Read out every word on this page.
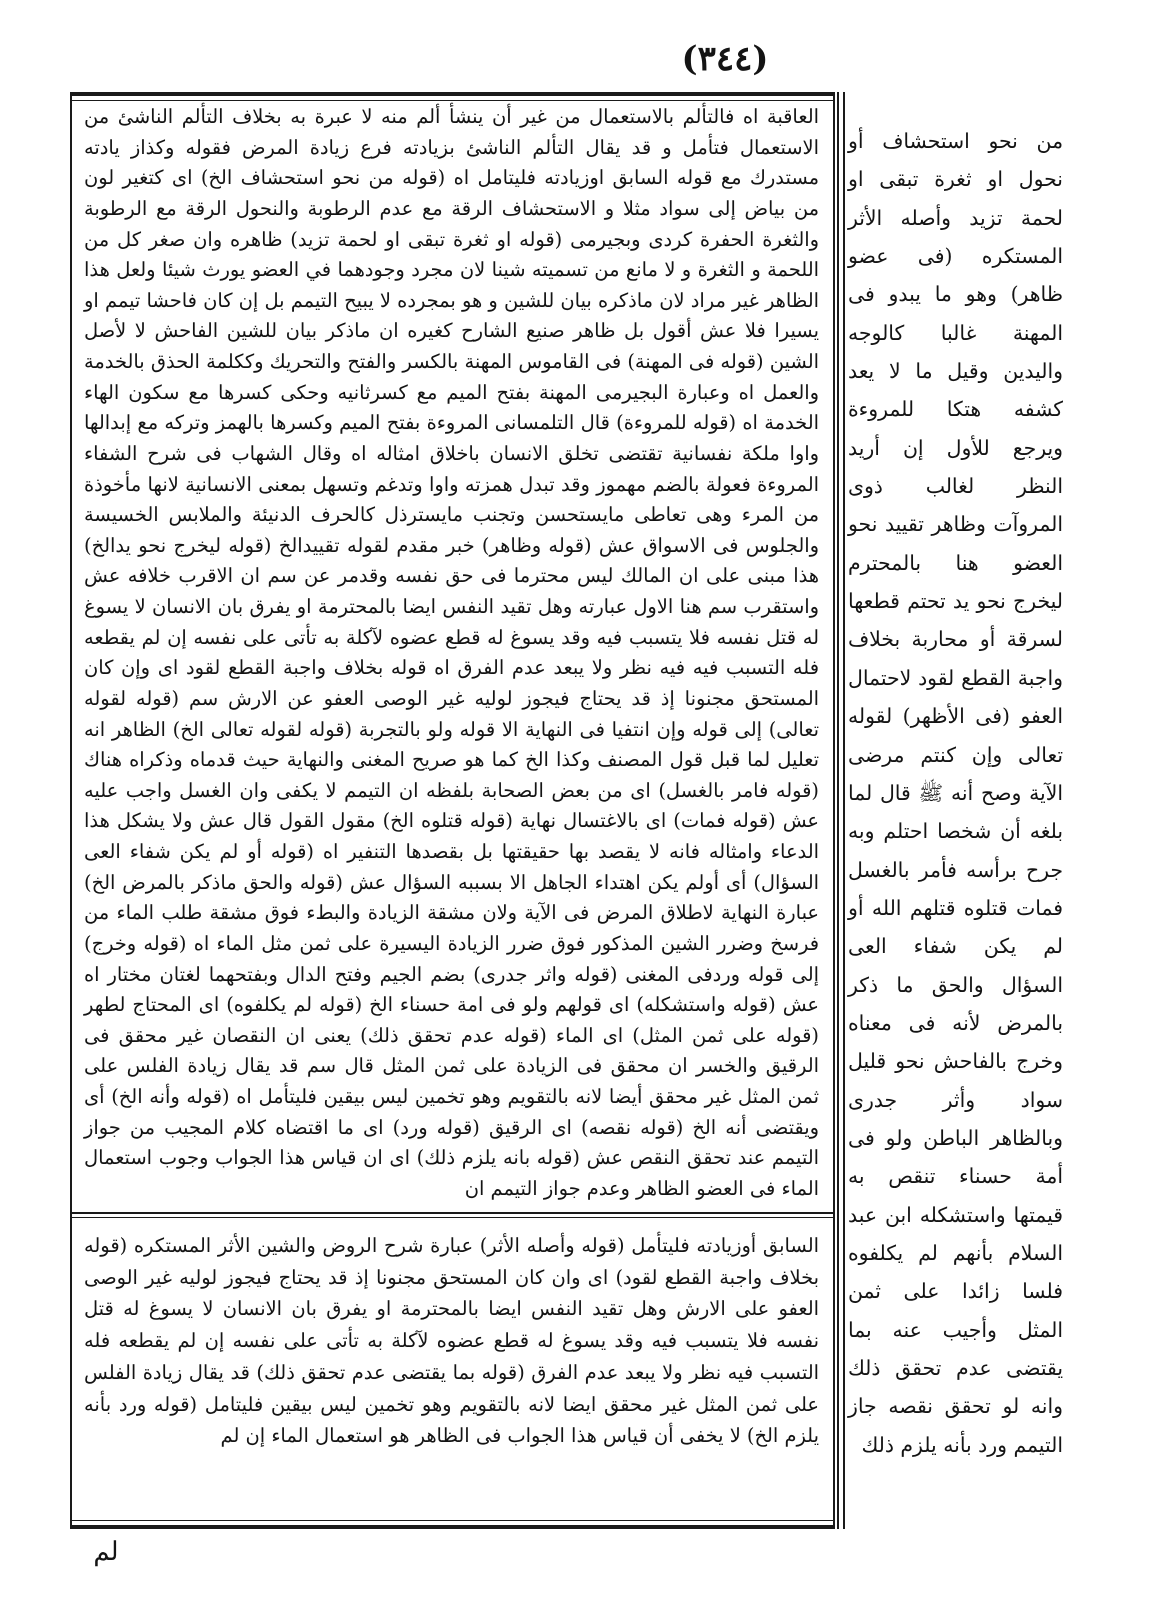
(٣٤٤)

العاقبة اه فالتألم بالاستعمال من غير أن ينشأ ألم منه لا عبرة به بخلاف التألم الناشئ من الاستعمال فتأمل و قد يقال التألم الناشئ بزيادته فرع زيادة المرض فقوله وكذاز يادته مستدرك مع قوله السابق اوزيادته فليتامل اه (قوله من نحو استحشاف الخ) اى كتغير لون من بياض إلى سواد مثلا و الاستحشاف الرقة مع عدم الرطوبة والنحول الرقة مع الرطوبة والثغرة الحفرة كردى وبجيرمى (قوله او ثغرة تبقى او لحمة تزيد) ظاهره وان صغر كل من اللحمة و الثغرة و لا مانع من تسميته شينا لان مجرد وجودهما في العضو يورث شيئا ولعل هذا الظاهر غير مراد لان ماذكره بيان للشين و هو بمجرده لا يبيح التيمم بل إن كان فاحشا تيمم او يسيرا فلا عش أقول بل ظاهر صنيع الشارح كغيره ان ماذكر بيان للشين الفاحش لا لأصل الشين (قوله فى المهنة) فى القاموس المهنة بالكسر والفتح والتحريك وككلمة الحذق بالخدمة والعمل اه وعبارة البجيرمى المهنة بفتح الميم مع كسرثانيه وحكى كسرها مع سكون الهاء الخدمة اه (قوله للمروءة) قال التلمسانى المروءة بفتح الميم وكسرها بالهمز وتركه مع إبدالها واوا ملكة نفسانية تقتضى تخلق الانسان باخلاق امثاله اه وقال الشهاب فى شرح الشفاء المروءة فعولة بالضم مهموز وقد تبدل همزته واوا وتدغم وتسهل بمعنى الانسانية لانها مأخوذة من المرء وهى تعاطى مايستحسن وتجنب مايسترذل كالحرف الدنيئة والملابس الخسيسة والجلوس فى الاسواق عش (قوله وظاهر) خبر مقدم لقوله تقييدالخ (قوله ليخرج نحو يدالخ) هذا مبنى على ان المالك ليس محترما فى حق نفسه وقدمر عن سم ان الاقرب خلافه عش واستقرب سم هنا الاول عبارته وهل تقيد النفس ايضا بالمحترمة او يفرق بان الانسان لا يسوغ له قتل نفسه فلا يتسبب فيه وقد يسوغ له قطع عضوه لآكلة به تأتى على نفسه إن لم يقطعه فله التسبب فيه فيه نظر ولا يبعد عدم الفرق اه قوله بخلاف واجبة القطع لقود اى وإن كان المستحق مجنونا إذ قد يحتاج فيجوز لوليه غير الوصى العفو عن الارش سم (قوله لقوله تعالى) إلى قوله وإن انتفيا فى النهاية الا قوله ولو بالتجربة (قوله لقوله تعالى الخ) الظاهر انه تعليل لما قبل قول المصنف وكذا الخ كما هو صريح المغنى والنهاية حيث قدماه وذكراه هناك (قوله فامر بالغسل) اى من بعض الصحابة بلفظه ان التيمم لا يكفى وان الغسل واجب عليه عش (قوله فمات) اى بالاغتسال نهاية (قوله قتلوه الخ) مقول القول قال عش ولا يشكل هذا الدعاء وامثاله فانه لا يقصد بها حقيقتها بل بقصدها التنفير اه (قوله أو لم يكن شفاء العى السؤال) أى أولم يكن اهتداء الجاهل الا بسببه السؤال عش (قوله والحق ماذكر بالمرض الخ) عبارة النهاية لاطلاق المرض فى الآية ولان مشقة الزيادة والبطء فوق مشقة طلب الماء من فرسخ وضرر الشين المذكور فوق ضرر الزيادة اليسيرة على ثمن مثل الماء اه (قوله وخرج) إلى قوله وردفى المغنى (قوله واثر جدرى) بضم الجيم وفتح الدال وبفتحهما لغتان مختار اه عش (قوله واستشكله) اى قولهم ولو فى امة حسناء الخ (قوله لم يكلفوه) اى المحتاج لطهر (قوله على ثمن المثل) اى الماء (قوله عدم تحقق ذلك) يعنى ان النقصان غير محقق فى الرقيق والخسر ان محقق فى الزيادة على ثمن المثل قال سم قد يقال زيادة الفلس على ثمن المثل غير محقق أيضا لانه بالتقويم وهو تخمين ليس بيقين فليتأمل اه (قوله وأنه الخ) أى ويقتضى أنه الخ (قوله نقصه) اى الرقيق (قوله ورد) اى ما اقتضاه كلام المجيب من جواز التيمم عند تحقق النقص عش (قوله بانه يلزم ذلك) اى ان قياس هذا الجواب وجوب استعمال الماء فى العضو الظاهر وعدم جواز التيمم ان

السابق أوزيادته فليتأمل (قوله وأصله الأثر) عبارة شرح الروض والشين الأثر المستكره (قوله بخلاف واجبة القطع لقود) اى وان كان المستحق مجنونا إذ قد يحتاج فيجوز لوليه غير الوصى العفو على الارش وهل تقيد النفس ايضا بالمحترمة او يفرق بان الانسان لا يسوغ له قتل نفسه فلا يتسبب فيه وقد يسوغ له قطع عضوه لآكلة به تأتى على نفسه إن لم يقطعه فله التسبب فيه نظر ولا يبعد عدم الفرق (قوله بما يقتضى عدم تحقق ذلك) قد يقال زيادة الفلس على ثمن المثل غير محقق ايضا لانه بالتقويم وهو تخمين ليس بيقين فليتامل (قوله ورد بأنه يلزم الخ) لا يخفى أن قياس هذا الجواب فى الظاهر هو استعمال الماء إن لم

من نحو استحشاف أو نحول او ثغرة تبقى او لحمة تزيد وأصله الأثر المستكره (فى عضو ظاهر) وهو ما يبدو فى المهنة غالبا كالوجه واليدين وقيل ما لا يعد كشفه هتكا للمروءة ويرجع للأول إن أريد النظر لغالب ذوى المروآت وظاهر تقييد نحو العضو هنا بالمحترم ليخرج نحو يد تحتم قطعها لسرقة أو محاربة بخلاف واجبة القطع لقود لاحتمال العفو (فى الأظهر) لقوله تعالى وإن كنتم مرضى الآية وصح أنه ﷺ قال لما بلغه أن شخصا احتلم وبه جرح برأسه فأمر بالغسل فمات قتلوه قتلهم الله أو لم يكن شفاء العى السؤال والحق ما ذكر بالمرض لأنه فى معناه وخرج بالفاحش نحو قليل سواد وأثر جدرى وبالظاهر الباطن ولو فى أمة حسناء تنقص به قيمتها واستشكله ابن عبد السلام بأنهم لم يكلفوه فلسا زائدا على ثمن المثل وأجيب عنه بما يقتضى عدم تحقق ذلك وانه لو تحقق نقصه جاز التيمم ورد بأنه يلزم ذلك

لم
